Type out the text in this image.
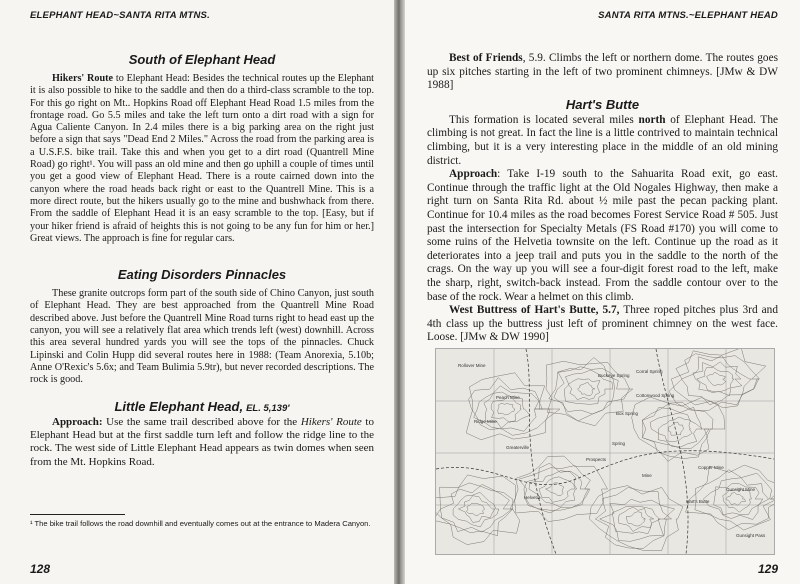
ELEPHANT HEAD~SANTA RITA MTNS.
South of Elephant Head

Hikers' Route to Elephant Head: Besides the technical routes up the Elephant it is also possible to hike to the saddle and then do a third-class scramble to the top. For this go right on Mt.. Hopkins Road off Elephant Head Road 1.5 miles from the frontage road. Go 5.5 miles and take the left turn onto a dirt road with a sign for Agua Caliente Canyon. In 2.4 miles there is a big parking area on the right just before a sign that says "Dead End 2 Miles." Across the road from the parking area is a U.S.F.S. bike trail. Take this and when you get to a dirt road (Quantrell Mine Road) go right¹. You will pass an old mine and then go uphill a couple of times until you get a good view of Elephant Head. There is a route cairned down into the canyon where the road heads back right or east to the Quantrell Mine. This is a more direct route, but the hikers usually go to the mine and bushwhack from there. From the saddle of Elephant Head it is an easy scramble to the top. [Easy, but if your hiker friend is afraid of heights this is not going to be any fun for him or her.] Great views. The approach is fine for regular cars.

Eating Disorders Pinnacles

These granite outcrops form part of the south side of Chino Canyon, just south of Elephant Head. They are best approached from the Quantrell Mine Road described above. Just before the Quantrell Mine Road turns right to head east up the canyon, you will see a relatively flat area which trends left (west) downhill. Across this area several hundred yards you will see the tops of the pinnacles. Chuck Lipinski and Colin Hupp did several routes here in 1988: (Team Anorexia, 5.10b; Anne O'Rexic's 5.6x; and Team Bulimia 5.9tr), but never recorded descriptions. The rock is good.

Little Elephant Head, EL. 5,139'

Approach: Use the same trail described above for the Hikers' Route to Elephant Head but at the first saddle turn left and follow the ridge line to the rock. The west side of Little Elephant Head appears as twin domes when seen from the Mt. Hopkins Road.

¹ The bike trail follows the road downhill and eventually comes out at the entrance to Madera Canyon.
128
SANTA RITA MTNS.~ELEPHANT HEAD

Best of Friends, 5.9. Climbs the left or northern dome. The routes goes up six pitches starting in the left of two prominent chimneys. [JMw & DW 1988]

Hart's Butte

This formation is located several miles north of Elephant Head. The climbing is not great. In fact the line is a little contrived to maintain technical climbing, but it is a very interesting place in the middle of an old mining district.

Approach: Take I-19 south to the Sahuarita Road exit, go east. Continue through the traffic light at the Old Nogales Highway, then make a right turn on Santa Rita Rd. about ½ mile past the pecan packing plant. Continue for 10.4 miles as the road becomes Forest Service Road # 505. Just past the intersection for Specialty Metals (FS Road #170) you will come to some ruins of the Helvetia townsite on the left. Continue up the road as it deteriorates into a jeep trail and puts you in the saddle to the north of the crags. On the way up you will see a four-digit forest road to the left, make the sharp, right, switch-back instead. From the saddle contour over to the base of the rock. Wear a helmet on this climb.

West Buttress of Hart's Butte, 5.7, Three roped pitches plus 3rd and 4th class up the buttress just left of prominent chimney on the west face. Loose. [JMw & DW 1990]

Rollover Mine
Peach Mine
Ridge Mine
Buckeye Spring
Gunsight Pass
Greaterville
Cottonwood Spring
Box Spring
Spring
Prospects
Mine
Copper Mine
Helvetia
Hart's Butte
Corral Spring
Gunsight Mine
129
